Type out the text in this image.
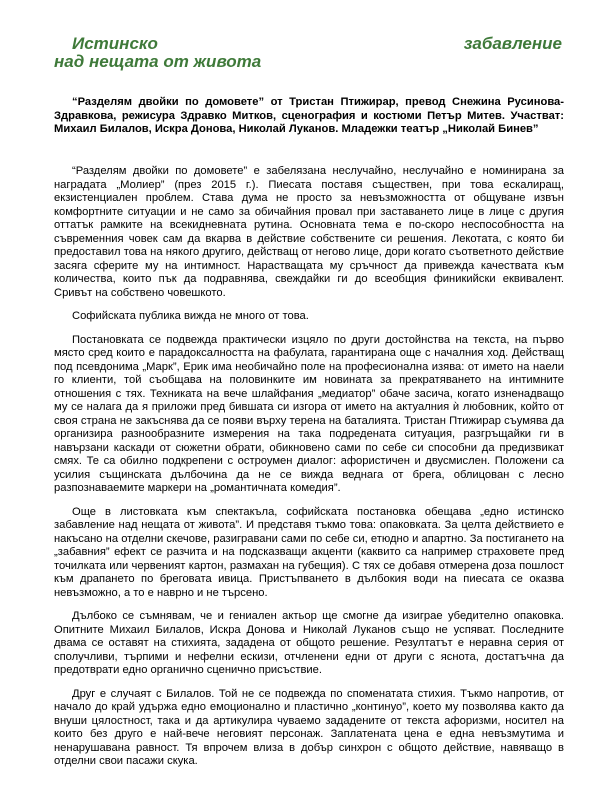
Истинско	забавление
над нещата от живота
“Разделям двойки по домовете” от Тристан Птижирар, превод Снежина Русинова-Здравкова, режисура Здравко Митков, сценография и костюми Петър Митев. Участват: Михаил Билалов, Искра Донова, Николай Луканов. Младежки театър „Николай Бинев”

“Разделям двойки по домовете” е забелязана неслучайно, неслучайно е номинирана за наградата „Молиер” (през 2015 г.). Пиесата поставя съществен, при това ескалиращ, екзистенциален проблем. Става дума не просто за невъзможността от общуване извън комфортните ситуации и не само за обичайния провал при заставането лице в лице с другия оттатък рамките на всекидневната рутина. Основната тема е по-скоро неспособността на съвременния човек сам да вкарва в действие собствените си решения. Лекотата, с която би предоставил това на някого другиго, действащ от негово лице, дори когато съответното действие засяга сферите му на интимност. Нарастващата му сръчност да привежда качествата към количества, които пък да подравнява, свеждайки ги до всеобщия финикийски еквивалент. Сривът на собствено човешкото.

Софийската публика вижда не много от това.

Постановката се подвежда практически изцяло по други достойнства на текста, на първо място сред които е парадоксалността на фабулата, гарантирана още с началния ход. Действащ под псевдонима „Марк”, Ерик има необичайно поле на професионална изява: от името на наели го клиенти, той съобщава на половинките им новината за прекратяването на интимните отношения с тях. Техниката на вече шлайфания „медиатор” обаче засича, когато изненадващо му се налага да я приложи пред бившата си изгора от името на актуалния ѝ любовник, който от своя страна не закъснява да се появи върху терена на баталията. Тристан Птижирар съумява да организира разнообразните измерения на така подредената ситуация, разгръщайки ги в навързани каскади от сюжетни обрати, обикновено сами по себе си способни да предизвикат смях. Те са обилно подкрепени с остроумен диалог: афористичен и двусмислен. Положени са усилия същинската дълбочина да не се вижда веднага от брега, облицован с лесно разпознаваемите маркери на „романтичната комедия”.

Още в листовката към спектакъла, софийската постановка обещава „едно истинско забавление над нещата от живота”. И представя тъкмо това: опаковката. За целта действието е накъсано на отделни скечове, разигравани сами по себе си, етюдно и апартно. За постигането на „забавния” ефект се разчита и на подсказващи акценти (каквито са например страховете пред точилката или червеният картон, размахан на губещия). С тях се добавя отмерена доза пошлост към драпането по бреговата ивица. Пристъпването в дълбокия води на пиесата се оказва невъзможно, а то е наврно и не търсено.

Дълбоко се съмнявам, че и гениален актьор ще смогне да изиграе убедително опаковка. Опитните Михаил Билалов, Искра Донова и Николай Луканов също не успяват. Последните двама се оставят на стихията, зададена от общото решение. Резултатът е неравна серия от сполучливи, търпими и нефелни ескизи, отчленени едни от други с яснота, достатъчна да предотврати едно органично сценично присъствие.

Друг е случаят с Билалов. Той не се подвежда по споменатата стихия. Тъкмо напротив, от начало до край удържа едно емоционално и пластично „континуо”, което му позволява както да внуши цялостност, така и да артикулира чуваемо зададените от текста афоризми, носител на които без друго е най-вече неговият персонаж. Заплатената цена е една невъзмутима и ненарушавана равност. Тя впрочем влиза в добър синхрон с общото действие, навяващо в отделни свои пасажи скука.
